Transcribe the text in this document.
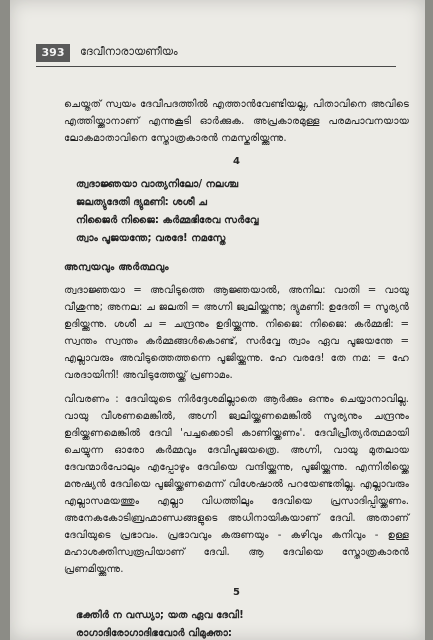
393	ദേവീനാരായണീയം

ചെയ്തത് സ്വയം ദേവീപദത്തിൽ എത്താൻവേണ്ടിയല്ല, പിതാവിനെ അവിടെ എത്തിയ്ക്കാനാണ് എന്നുകൂടി ഓർക്കുക. അപ്രകാരമുള്ള പരമപാവനയായ ലോകമാതാവിനെ സ്തോത്രകാരൻ നമസ്കരിയ്ക്കുന്നു.

4
ത്വദാജ്ഞയാ വാത്യനിലോ/ നലശ്ച
ജലത്യുദേതി ദ്യുമണി: ശശീ ച
നിജൈർ നിജൈ: കർമ്മഭിരേവ സർവ്വേ
ത്വാം പൂജയന്തേ; വരദേ! നമസ്തേ
അന്വയവും അർത്ഥവും

ത്വദാജ്ഞയാ = അവിടുത്തെ ആജ്ഞയാൽ, അനില: വാതി = വായു വീശുന്നു; അനല: ച ജലതി = അഗ്നി ജ്വലിയ്ക്കുന്നു; ദ്യുമണി: ഉദേതി = സൂര്യൻ ഉദിയ്ക്കുന്നു. ശശീ ച = ചന്ദ്രനും ഉദിയ്ക്കുന്നു. നിജൈ: നിജൈ: കർമ്മഭി: = സ്വന്തം സ്വന്തം കർമ്മങ്ങൾകൊണ്ട്, സർവ്വേ ത്വാം ഏവ പൂജയന്തേ = എല്ലാവരും അവിടുത്തെത്തന്നെ പൂജിയ്ക്കുന്നു. ഹേ വരദേ! തേ നമ: = ഹേ വരദായിനി! അവിടുത്തേയ്ക്ക് പ്രണാമം.

വിവരണം : ദേവിയുടെ നിർദ്ദേശമില്ലാതെ ആർക്കും ഒന്നും ചെയ്യാനാവില്ല. വായു വീശണമെങ്കിൽ, അഗ്നി ജ്വലിയ്ക്കണമെങ്കിൽ സൂര്യനും ചന്ദ്രനും ഉദിയ്ക്കണമെങ്കിൽ ദേവി 'പച്ചക്കൊടി കാണിയ്ക്കണം'. ദേവീപ്രീത്യർത്ഥമായി ചെയ്യുന്ന ഓരോ കർമ്മവും ദേവീപൂജയത്രെ. അഗ്നി, വായു മുതലായ ദേവന്മാർപോലും എപ്പോഴും ദേവിയെ വന്ദിയ്ക്കുന്നു, പൂജിയ്ക്കുന്നു. എന്നിരിയ്ക്കെ മനുഷ്യൻ ദേവിയെ പൂജിയ്ക്കണമെന്ന് വിശേഷാൽ പറയേണ്ടതില്ല. എല്ലാവരും എല്ലാസമയത്തും എല്ലാ വിധത്തിലും ദേവിയെ പ്രസാദിപ്പിയ്ക്കണം. അനേകകോടിബ്രഹ്മാണ്ഡങ്ങളുടെ അധിനായികയാണ് ദേവി. അതാണ് ദേവിയുടെ പ്രഭാവം. പ്രഭാവവും കരുണയും - കഴിവും കനിവും - ഉള്ള മഹാശക്തിസ്വരൂപിയാണ് ദേവി. ആ ദേവിയെ സ്തോത്രകാരൻ പ്രണമിയ്ക്കുന്നു.

5
ഭക്തിർ ന വന്ധ്യാ; യത ഏവ ദേവി!
രാഗാദിരോഗാദിഭവോർ വിമുക്താ:
